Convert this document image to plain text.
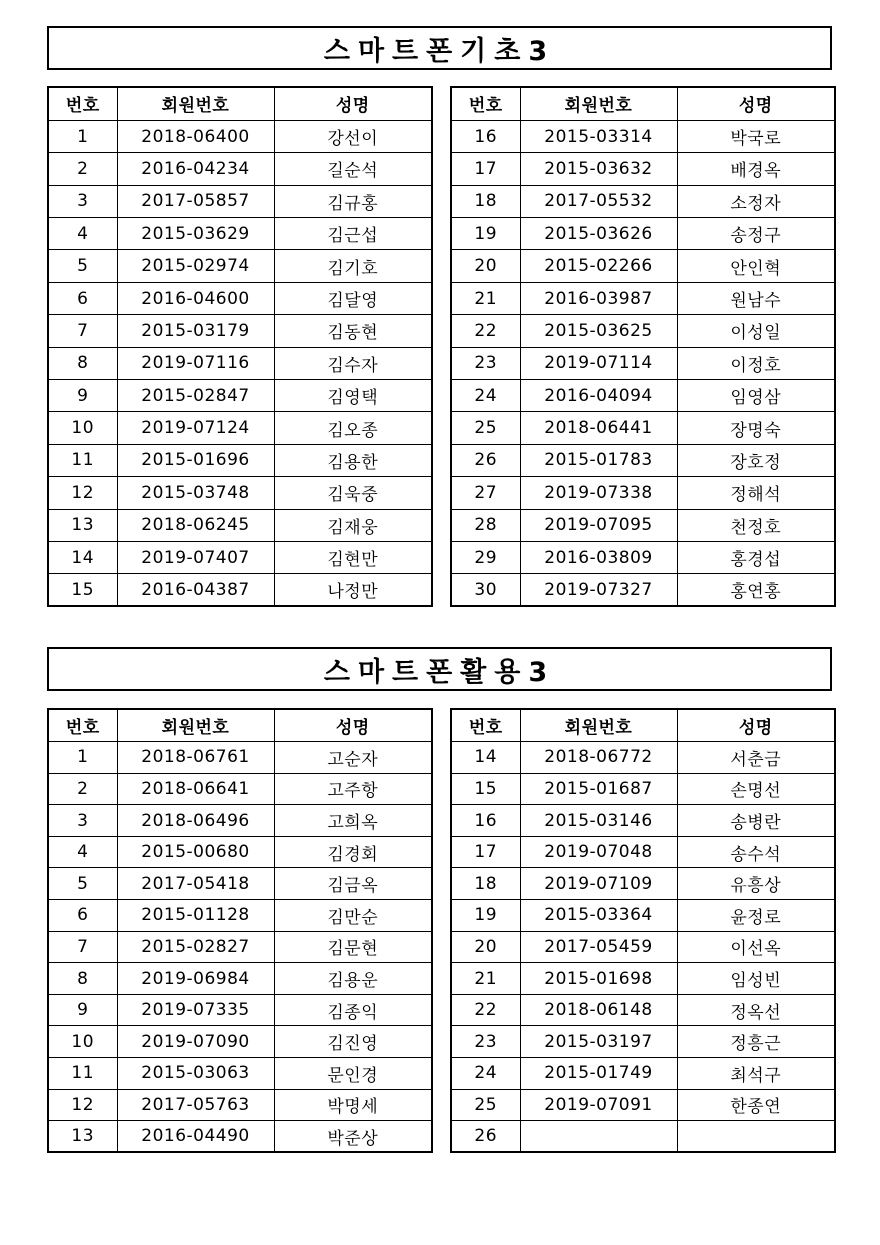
스마트폰기초3
번호	회원번호	성명
1	2018-06400	강선이
2	2016-04234	길순석
3	2017-05857	김규홍
4	2015-03629	김근섭
5	2015-02974	김기호
6	2016-04600	김달영
7	2015-03179	김동현
8	2019-07116	김수자
9	2015-02847	김영택
10	2019-07124	김오종
11	2015-01696	김용한
12	2015-03748	김욱중
13	2018-06245	김재웅
14	2019-07407	김현만
15	2016-04387	나정만
번호	회원번호	성명
16	2015-03314	박국로
17	2015-03632	배경옥
18	2017-05532	소정자
19	2015-03626	송정구
20	2015-02266	안인혁
21	2016-03987	원남수
22	2015-03625	이성일
23	2019-07114	이정호
24	2016-04094	임영삼
25	2018-06441	장명숙
26	2015-01783	장호정
27	2019-07338	정해석
28	2019-07095	천정호
29	2016-03809	홍경섭
30	2019-07327	홍연홍
스마트폰활용3
번호	회원번호	성명
1	2018-06761	고순자
2	2018-06641	고주항
3	2018-06496	고희옥
4	2015-00680	김경회
5	2017-05418	김금옥
6	2015-01128	김만순
7	2015-02827	김문현
8	2019-06984	김용운
9	2019-07335	김종익
10	2019-07090	김진영
11	2015-03063	문인경
12	2017-05763	박명세
13	2016-04490	박준상
번호	회원번호	성명
14	2018-06772	서춘금
15	2015-01687	손명선
16	2015-03146	송병란
17	2019-07048	송수석
18	2019-07109	유흥상
19	2015-03364	윤정로
20	2017-05459	이선옥
21	2015-01698	임성빈
22	2018-06148	정옥선
23	2015-03197	정흥근
24	2015-01749	최석구
25	2019-07091	한종연
26		
